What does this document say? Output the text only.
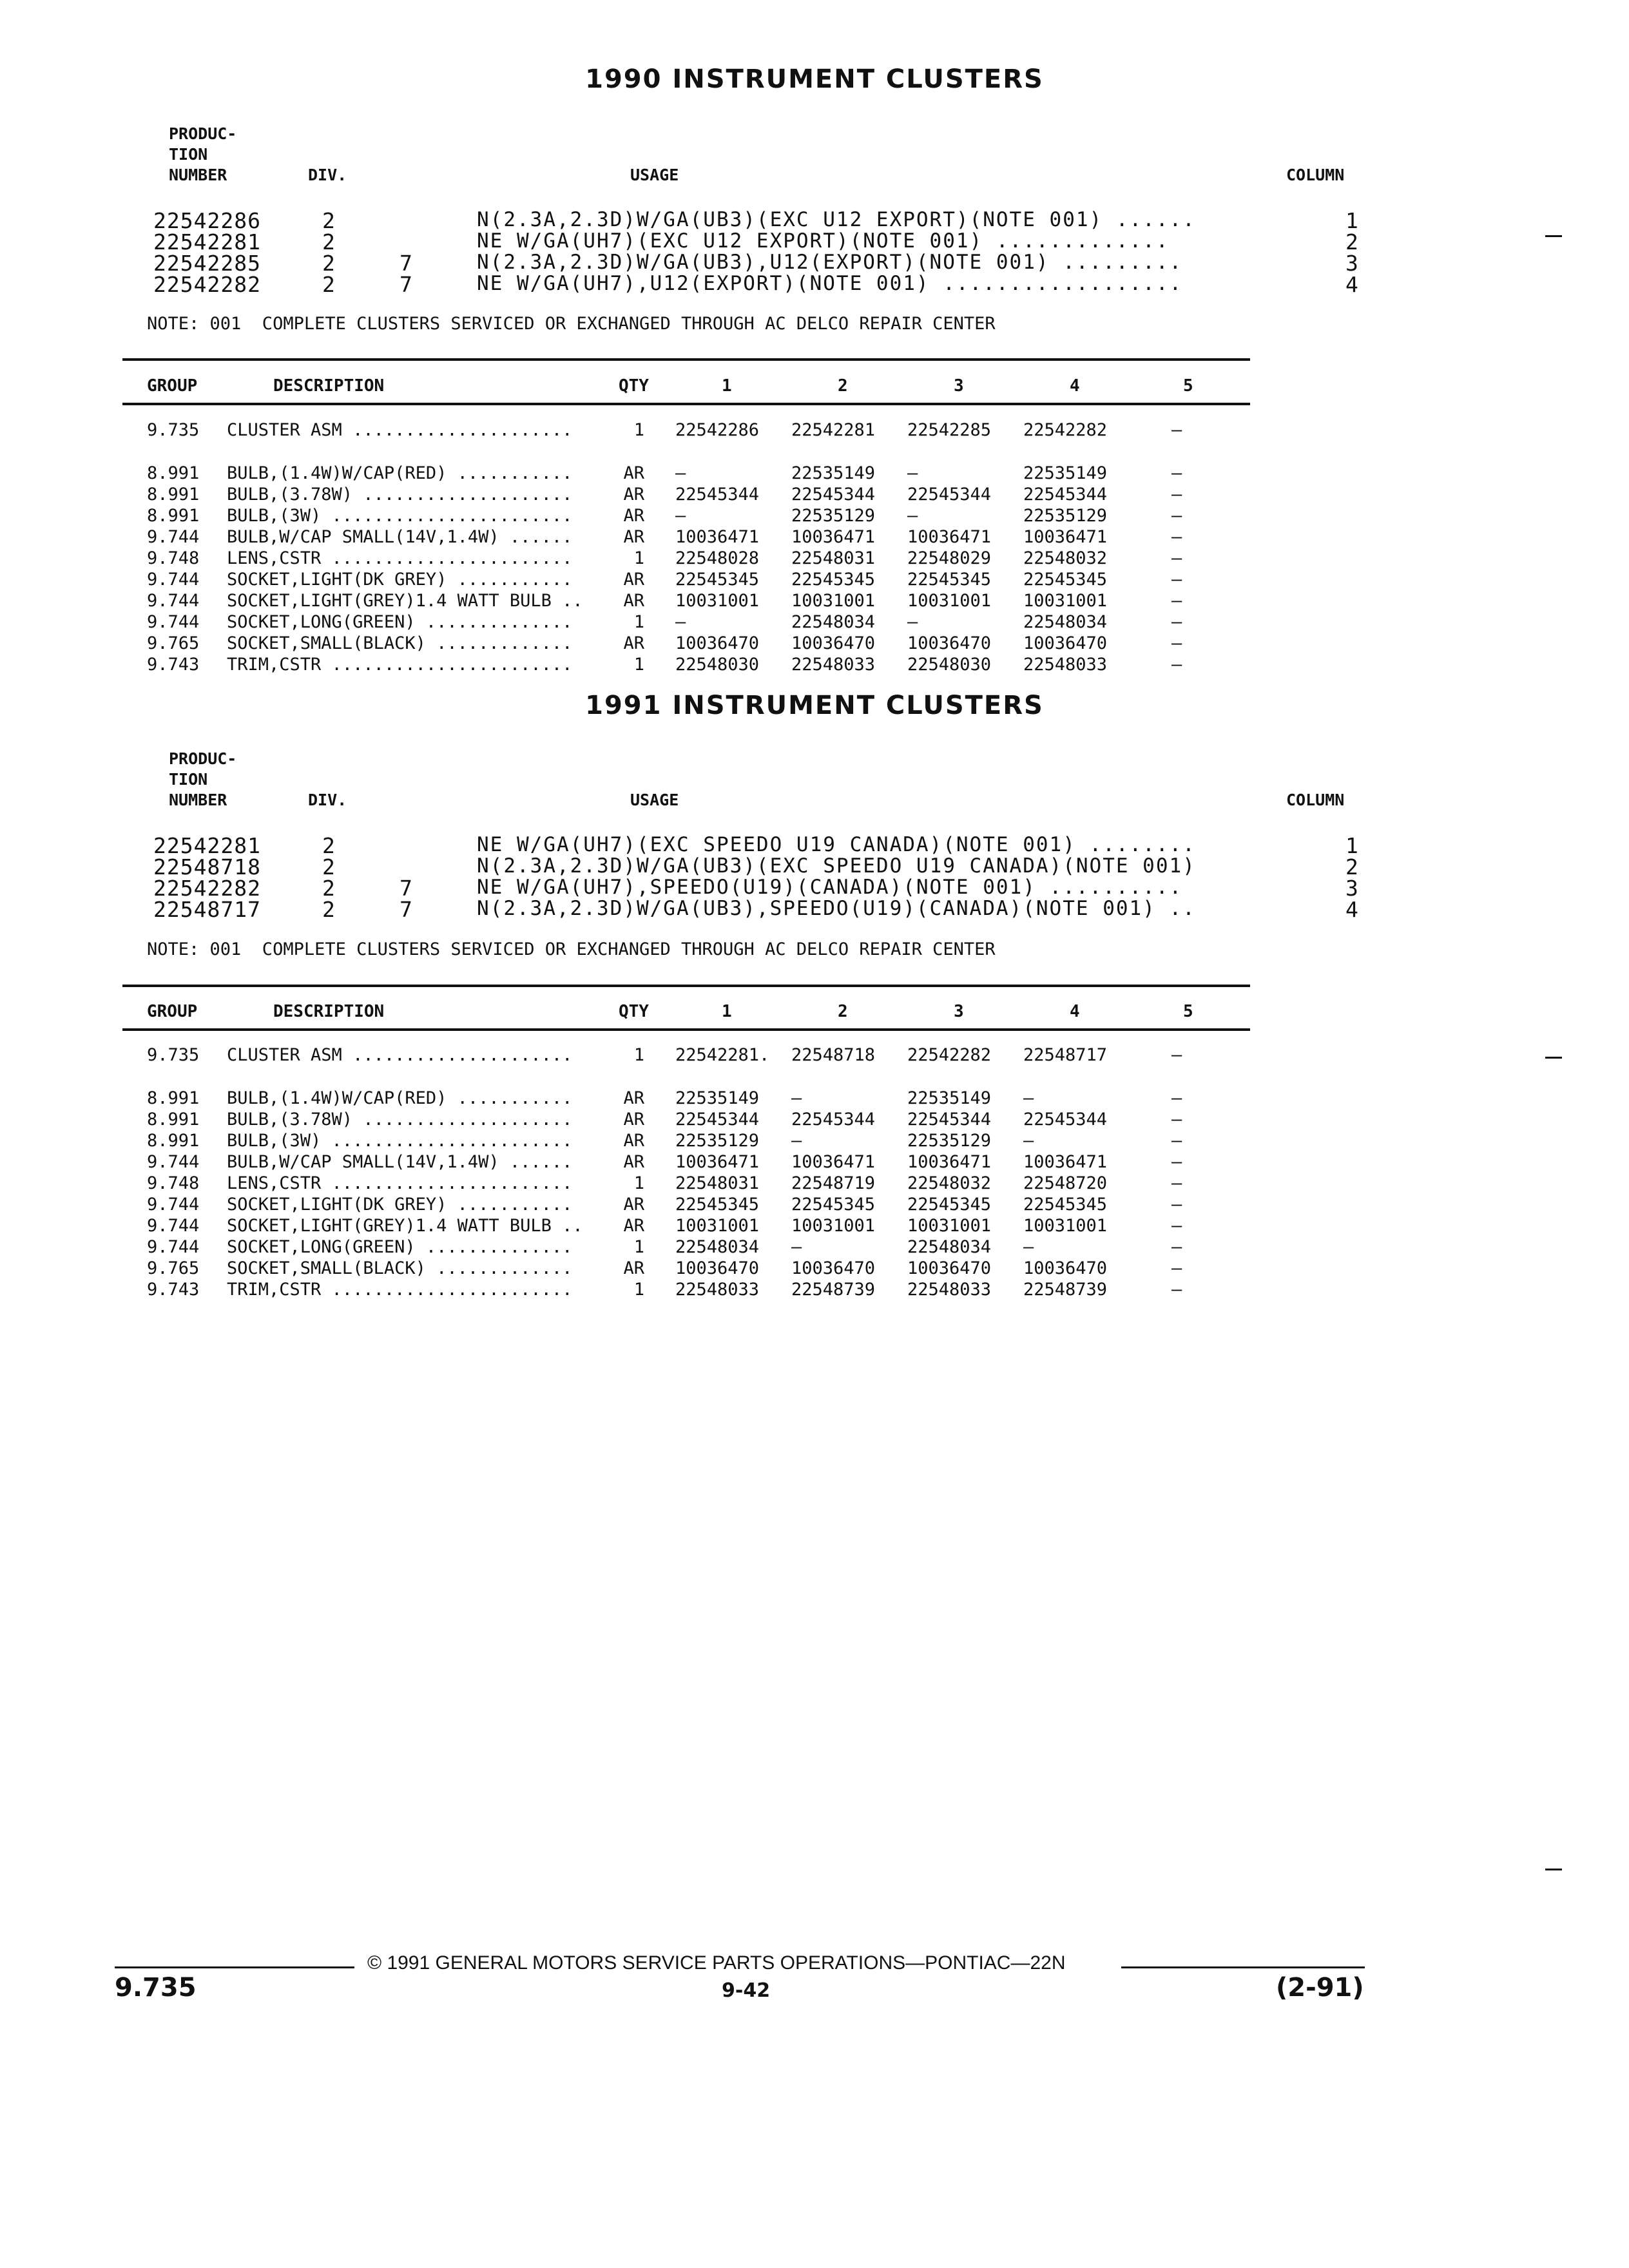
1990 INSTRUMENT CLUSTERS
PRODUC-
TION
NUMBER	DIV.	USAGE	COLUMN
22542286	2	N(2.3A,2.3D)W/GA(UB3)(EXC U12 EXPORT)(NOTE 001) ......	1
22542281	2	NE W/GA(UH7)(EXC U12 EXPORT)(NOTE 001) .............	2
22542285	2	7	N(2.3A,2.3D)W/GA(UB3),U12(EXPORT)(NOTE 001) .........	3
22542282	2	7	NE W/GA(UH7),U12(EXPORT)(NOTE 001) ..................	4
NOTE: 001  COMPLETE CLUSTERS SERVICED OR EXCHANGED THROUGH AC DELCO REPAIR CENTER
GROUP	DESCRIPTION	QTY	1	2	3	4	5
9.735 CLUSTER ASM .....................	1 22542286 22542281 22542285 22542282	—
8.991 BULB,(1.4W)W/CAP(RED) ...........	AR —	22535149 —	22535149	—
8.991 BULB,(3.78W) ....................	AR 22545344 22545344 22545344 22545344	—
8.991 BULB,(3W) .......................	AR —	22535129 —	22535129	—
9.744 BULB,W/CAP SMALL(14V,1.4W) ......	AR 10036471 10036471 10036471 10036471	—
9.748 LENS,CSTR .......................	1 22548028 22548031 22548029 22548032	—
9.744 SOCKET,LIGHT(DK GREY) ...........	AR 22545345 22545345 22545345 22545345	—
9.744 SOCKET,LIGHT(GREY)1.4 WATT BULB ..	AR 10031001 10031001 10031001 10031001	—
9.744 SOCKET,LONG(GREEN) ..............	1 —	22548034 —	22548034	—
9.765 SOCKET,SMALL(BLACK) .............	AR 10036470 10036470 10036470 10036470	—
9.743 TRIM,CSTR .......................	1 22548030 22548033 22548030 22548033	—
1991 INSTRUMENT CLUSTERS
PRODUC-
TION
NUMBER	DIV.	USAGE	COLUMN
22542281	2	NE W/GA(UH7)(EXC SPEEDO U19 CANADA)(NOTE 001) ........	1
22548718	2	N(2.3A,2.3D)W/GA(UB3)(EXC SPEEDO U19 CANADA)(NOTE 001)	2
22542282	2	7	NE W/GA(UH7),SPEEDO(U19)(CANADA)(NOTE 001) ..........	3
22548717	2	7	N(2.3A,2.3D)W/GA(UB3),SPEEDO(U19)(CANADA)(NOTE 001) ..	4
NOTE: 001  COMPLETE CLUSTERS SERVICED OR EXCHANGED THROUGH AC DELCO REPAIR CENTER
GROUP	DESCRIPTION	QTY	1	2	3	4	5
9.735 CLUSTER ASM .....................	1 22542281. 22548718 22542282 22548717	—
8.991 BULB,(1.4W)W/CAP(RED) ...........	AR 22535149 —	22535149 —	—
8.991 BULB,(3.78W) ....................	AR 22545344 22545344 22545344 22545344	—
8.991 BULB,(3W) .......................	AR 22535129 —	22535129 —	—
9.744 BULB,W/CAP SMALL(14V,1.4W) ......	AR 10036471 10036471 10036471 10036471	—
9.748 LENS,CSTR .......................	1 22548031 22548719 22548032 22548720	—
9.744 SOCKET,LIGHT(DK GREY) ...........	AR 22545345 22545345 22545345 22545345	—
9.744 SOCKET,LIGHT(GREY)1.4 WATT BULB ..	AR 10031001 10031001 10031001 10031001	—
9.744 SOCKET,LONG(GREEN) ..............	1 22548034 —	22548034 —	—
9.765 SOCKET,SMALL(BLACK) .............	AR 10036470 10036470 10036470 10036470	—
9.743 TRIM,CSTR .......................	1 22548033 22548739 22548033 22548739	—
© 1991 GENERAL MOTORS SERVICE PARTS OPERATIONS—PONTIAC—22N
9.735	9-42	(2-91)
